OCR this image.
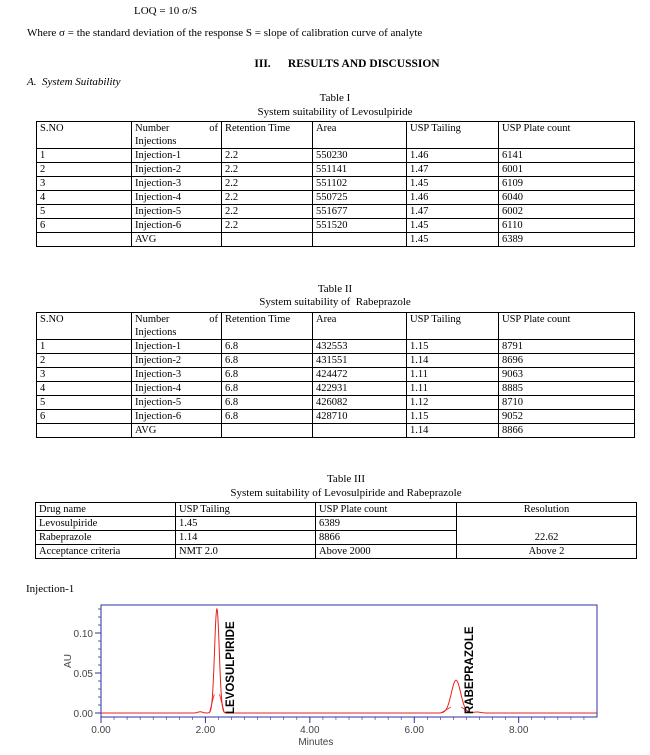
LOQ = 10 σ/S
Where σ = the standard deviation of the response S = slope of calibration curve of analyte
III.      RESULTS AND DISCUSSION
A.  System Suitability
Table I
System suitability of Levosulpiride
S.NO	Number of Injections	Retention Time	Area	USP Tailing	USP Plate count
1	Injection-1	2.2	550230	1.46	6141
2	Injection-2	2.2	551141	1.47	6001
3	Injection-3	2.2	551102	1.45	6109
4	Injection-4	2.2	550725	1.46	6040
5	Injection-5	2.2	551677	1.47	6002
6	Injection-6	2.2	551520	1.45	6110
	AVG			1.45	6389
Table II
System suitability of  Rabeprazole
S.NO	Number of Injections	Retention Time	Area	USP Tailing	USP Plate count
1	Injection-1	6.8	432553	1.15	8791
2	Injection-2	6.8	431551	1.14	8696
3	Injection-3	6.8	424472	1.11	9063
4	Injection-4	6.8	422931	1.11	8885
5	Injection-5	6.8	426082	1.12	8710
6	Injection-6	6.8	428710	1.15	9052
	AVG			1.14	8866
Table III
System suitability of Levosulpiride and Rabeprazole
Drug name	USP Tailing	USP Plate count	Resolution
Levosulpiride	1.45	6389	22.62
Rabeprazole	1.14	8866	
Acceptance criteria	NMT 2.0	Above 2000	Above 2
Injection-1
0.00
0.05
0.10
0.00	2.00	4.00	6.00	8.00
Minutes
AU	LEVOSULPIRIDE	RABEPRAZOLE
